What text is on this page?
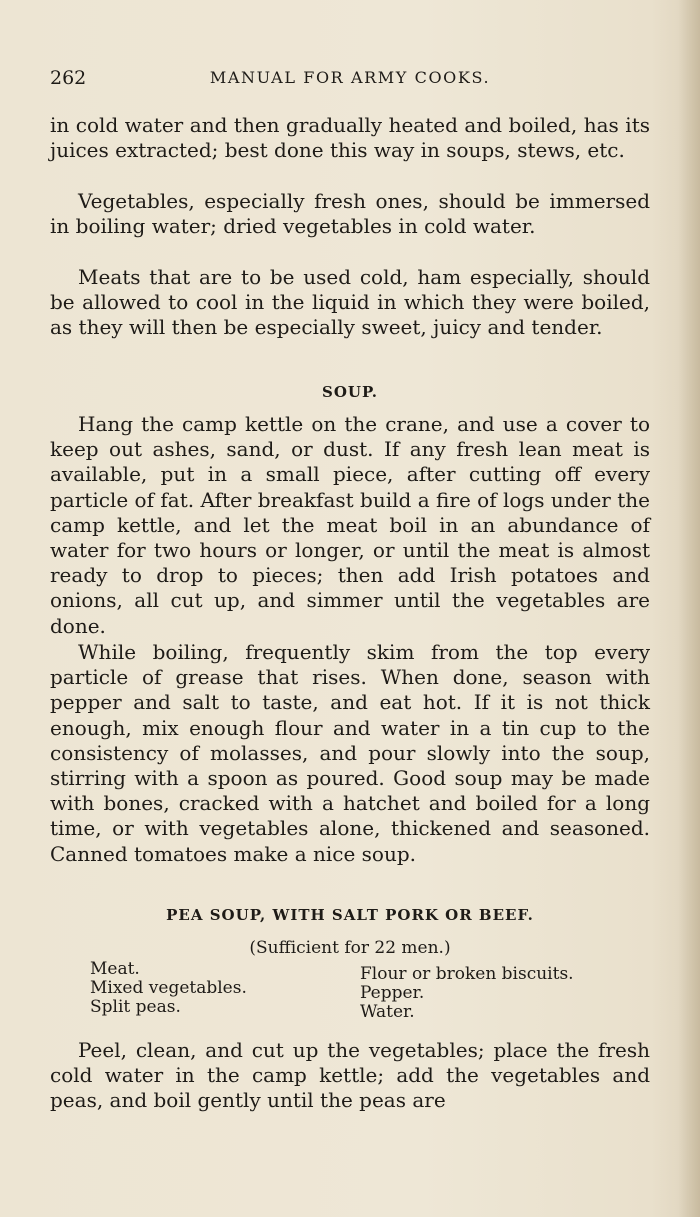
262	MANUAL FOR ARMY COOKS.
in cold water and then gradually heated and boiled, has its juices extracted; best done this way in soups, stews, etc.
Vegetables, especially fresh ones, should be immersed in boiling water; dried vegetables in cold water.
Meats that are to be used cold, ham especially, should be allowed to cool in the liquid in which they were boiled, as they will then be especially sweet, juicy and tender.
SOUP.
Hang the camp kettle on the crane, and use a cover to keep out ashes, sand, or dust. If any fresh lean meat is available, put in a small piece, after cutting off every particle of fat. After breakfast build a fire of logs under the camp kettle, and let the meat boil in an abundance of water for two hours or longer, or until the meat is almost ready to drop to pieces; then add Irish potatoes and onions, all cut up, and simmer until the vegetables are done.
While boiling, frequently skim from the top every particle of grease that rises. When done, season with pepper and salt to taste, and eat hot. If it is not thick enough, mix enough flour and water in a tin cup to the consistency of molasses, and pour slowly into the soup, stirring with a spoon as poured. Good soup may be made with bones, cracked with a hatchet and boiled for a long time, or with vegetables alone, thickened and seasoned. Canned tomatoes make a nice soup.
PEA SOUP, WITH SALT PORK OR BEEF.
(Sufficient for 22 men.)
Meat.
Mixed vegetables.
Split peas.
Flour or broken biscuits.
Pepper.
Water.
Peel, clean, and cut up the vegetables; place the fresh cold water in the camp kettle; add the vegetables and peas, and boil gently until the peas are
